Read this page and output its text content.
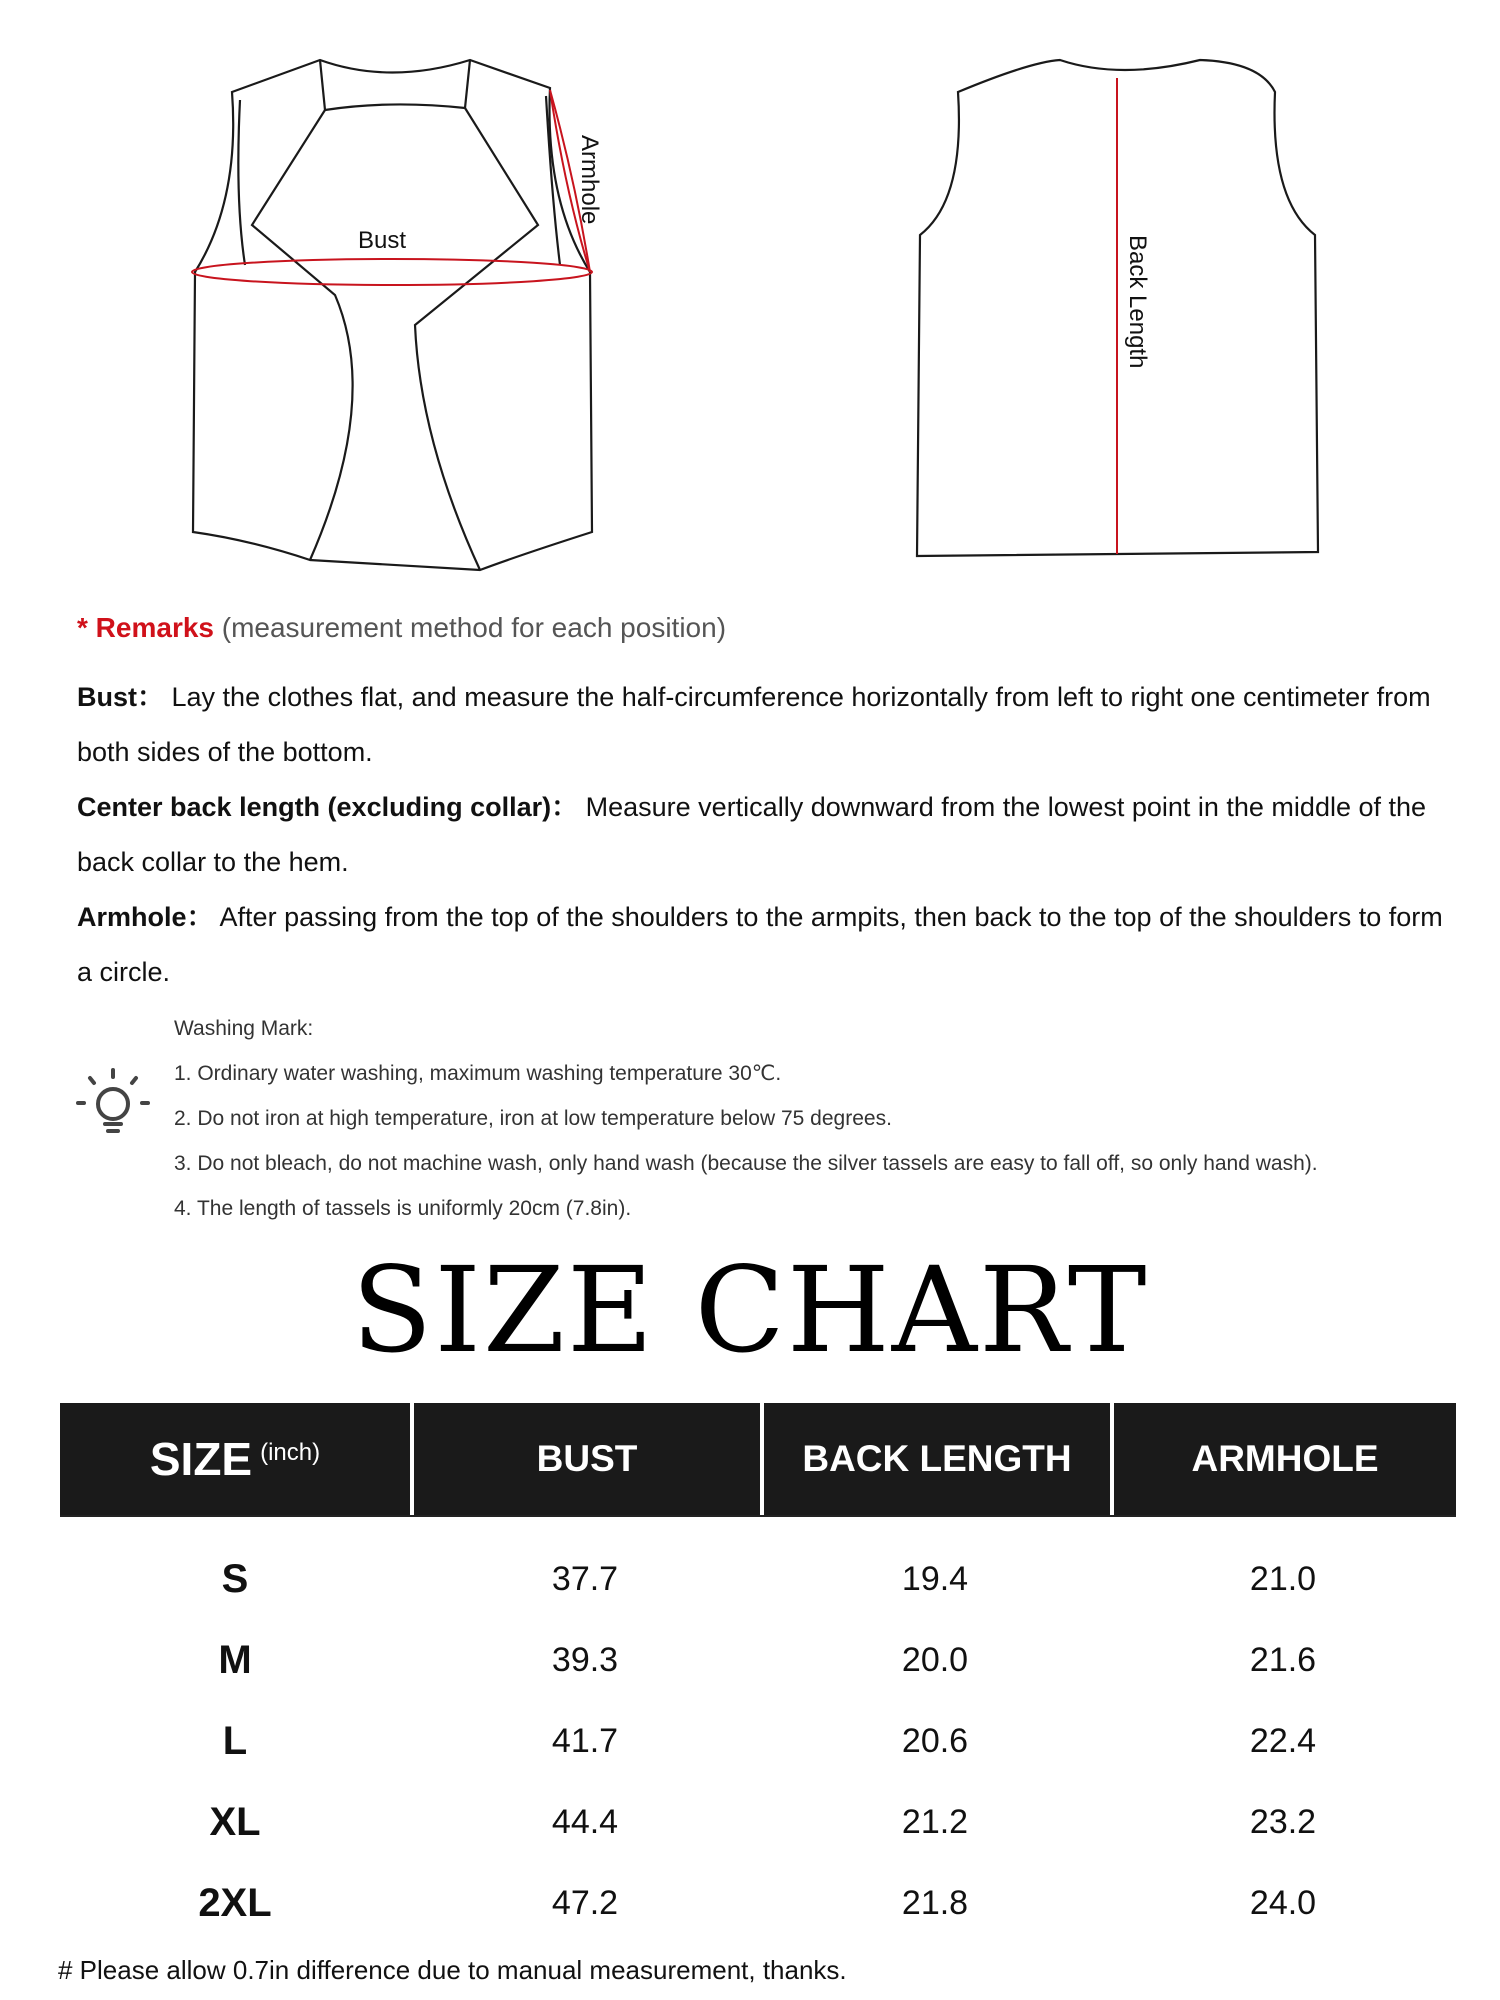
Bust
Armhole
Back Length
* Remarks (measurement method for each position)

Bust： Lay the clothes flat, and measure the half-circumference horizontally from left to right one centimeter from both sides of the bottom.

Center back length (excluding collar)： Measure vertically downward from the lowest point in the middle of the back collar to the hem.

Armhole： After passing from the top of the shoulders to the armpits, then back to the top of the shoulders to form a circle.

Washing Mark:
1. Ordinary water washing, maximum washing temperature 30℃.
2. Do not iron at high temperature, iron at low temperature below 75 degrees.
3. Do not bleach, do not machine wash, only hand wash (because the silver tassels are easy to fall off, so only hand wash).
4. The length of tassels is uniformly 20cm (7.8in).
SIZE CHART
SIZE (inch)	BUST	BACK LENGTH	ARMHOLE
S	37.7	19.4	21.0
M	39.3	20.0	21.6
L	41.7	20.6	22.4
XL	44.4	21.2	23.2
2XL	47.2	21.8	24.0
# Please allow 0.7in difference due to manual measurement, thanks.
